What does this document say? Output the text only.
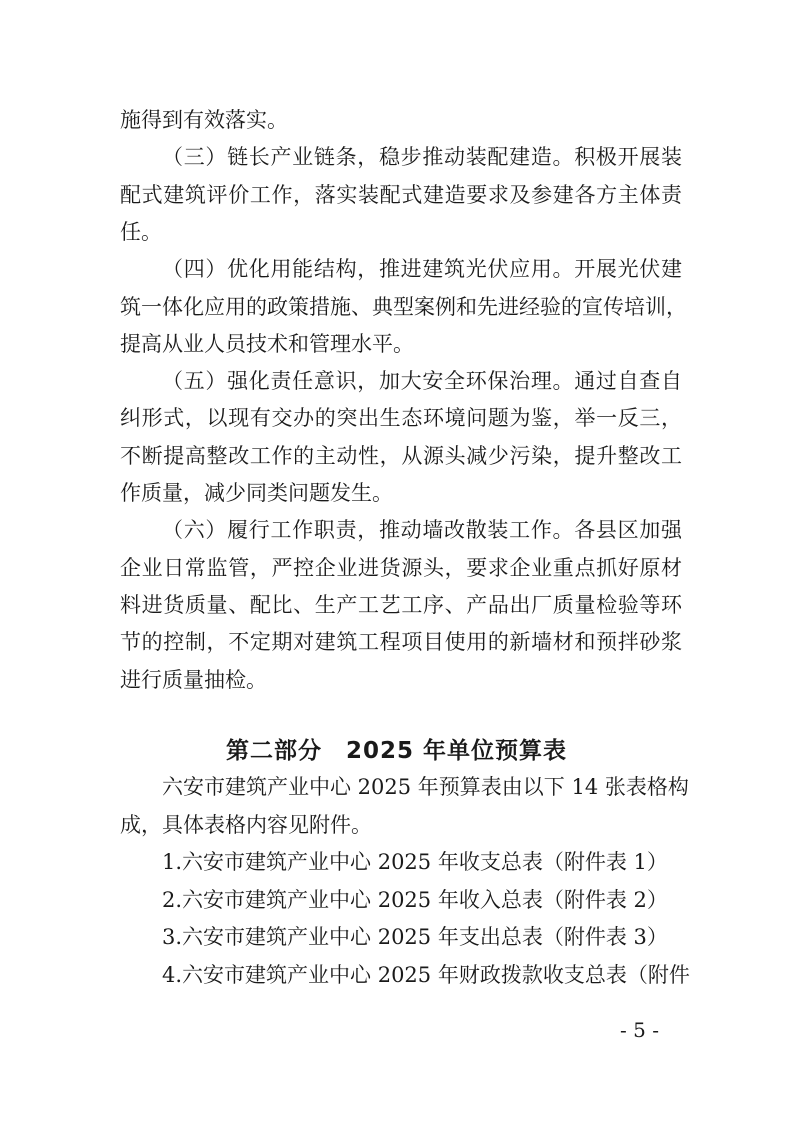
施得到有效落实。
（三）链长产业链条，稳步推动装配建造。积极开展装
配式建筑评价工作，落实装配式建造要求及参建各方主体责
任。
（四）优化用能结构，推进建筑光伏应用。开展光伏建
筑一体化应用的政策措施、典型案例和先进经验的宣传培训，
提高从业人员技术和管理水平。
（五）强化责任意识，加大安全环保治理。通过自查自
纠形式，以现有交办的突出生态环境问题为鉴，举一反三，
不断提高整改工作的主动性，从源头减少污染，提升整改工
作质量，减少同类问题发生。
（六）履行工作职责，推动墙改散装工作。各县区加强
企业日常监管，严控企业进货源头，要求企业重点抓好原材
料进货质量、配比、生产工艺工序、产品出厂质量检验等环
节的控制，不定期对建筑工程项目使用的新墙材和预拌砂浆
进行质量抽检。
第二部分　2025 年单位预算表
六安市建筑产业中心 2025 年预算表由以下 14 张表格构
成，具体表格内容见附件。
1.六安市建筑产业中心 2025 年收支总表（附件表 1）
2.六安市建筑产业中心 2025 年收入总表（附件表 2）
3.六安市建筑产业中心 2025 年支出总表（附件表 3）
4.六安市建筑产业中心 2025 年财政拨款收支总表（附件
- 5 -
